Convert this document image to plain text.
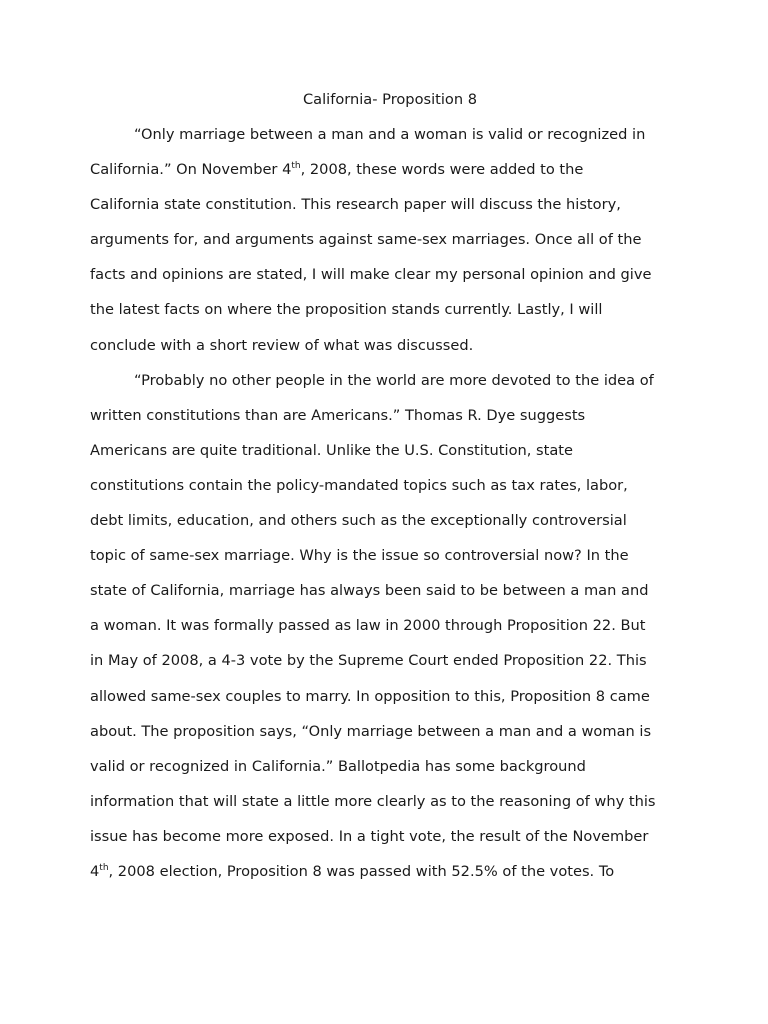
California- Proposition 8
“Only marriage between a man and a woman is valid or recognized in
California.” On November 4th, 2008, these words were added to the
California state constitution. This research paper will discuss the history,
arguments for, and arguments against same-sex marriages. Once all of the
facts and opinions are stated, I will make clear my personal opinion and give
the latest facts on where the proposition stands currently. Lastly, I will
conclude with a short review of what was discussed.
“Probably no other people in the world are more devoted to the idea of
written constitutions than are Americans.” Thomas R. Dye suggests
Americans are quite traditional. Unlike the U.S. Constitution, state
constitutions contain the policy-mandated topics such as tax rates, labor,
debt limits, education, and others such as the exceptionally controversial
topic of same-sex marriage. Why is the issue so controversial now? In the
state of California, marriage has always been said to be between a man and
a woman. It was formally passed as law in 2000 through Proposition 22. But
in May of 2008, a 4-3 vote by the Supreme Court ended Proposition 22. This
allowed same-sex couples to marry. In opposition to this, Proposition 8 came
about. The proposition says, “Only marriage between a man and a woman is
valid or recognized in California.” Ballotpedia has some background
information that will state a little more clearly as to the reasoning of why this
issue has become more exposed. In a tight vote, the result of the November
4th, 2008 election, Proposition 8 was passed with 52.5% of the votes. To
